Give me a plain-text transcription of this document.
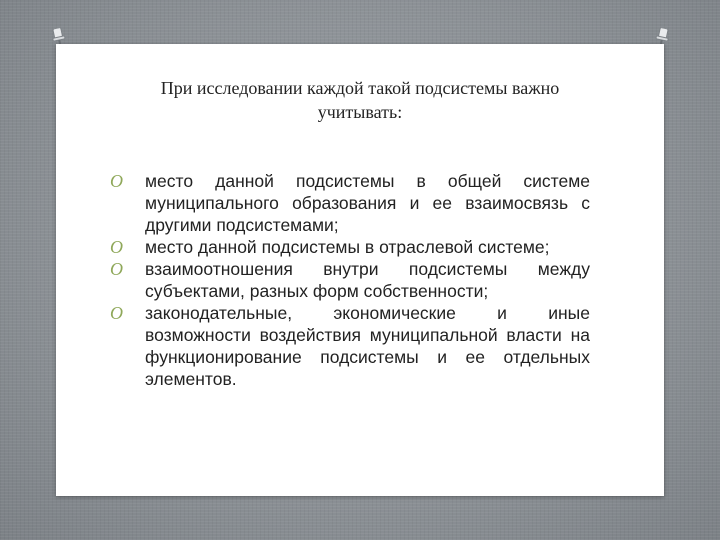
При исследовании каждой такой подсистемы важно
учитывать:
O	место данной подсистемы в общей системе муниципального образования и ее взаимосвязь с другими подсистемами;
O	место данной подсистемы в отраслевой системе;
O	взаимоотношения внутри подсистемы между субъектами, разных форм собственности;
O	законодательные, экономические и иные возможности воздействия муниципальной власти на функционирование подсистемы и ее отдельных элементов.
